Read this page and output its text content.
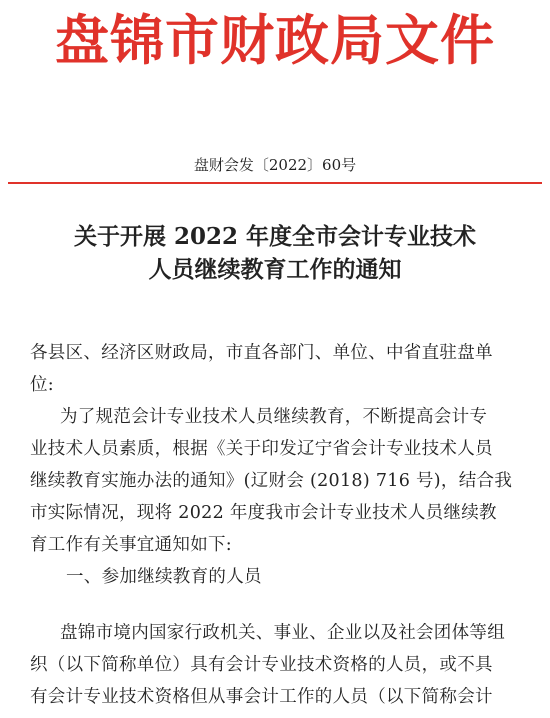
盘锦市财政局文件
盘财会发〔2022〕60号
关于开展 2022 年度全市会计专业技术
人员继续教育工作的通知
各县区、经济区财政局，市直各部门、单位、中省直驻盘单
位:
为了规范会计专业技术人员继续教育，不断提高会计专
业技术人员素质，根据《关于印发辽宁省会计专业技术人员
继续教育实施办法的通知》(辽财会 (2018) 716 号)，结合我
市实际情况，现将 2022 年度我市会计专业技术人员继续教
育工作有关事宜通知如下:
一、参加继续教育的人员
盘锦市境内国家行政机关、事业、企业以及社会团体等组
织（以下简称单位）具有会计专业技术资格的人员，或不具
有会计专业技术资格但从事会计工作的人员（以下简称会计
